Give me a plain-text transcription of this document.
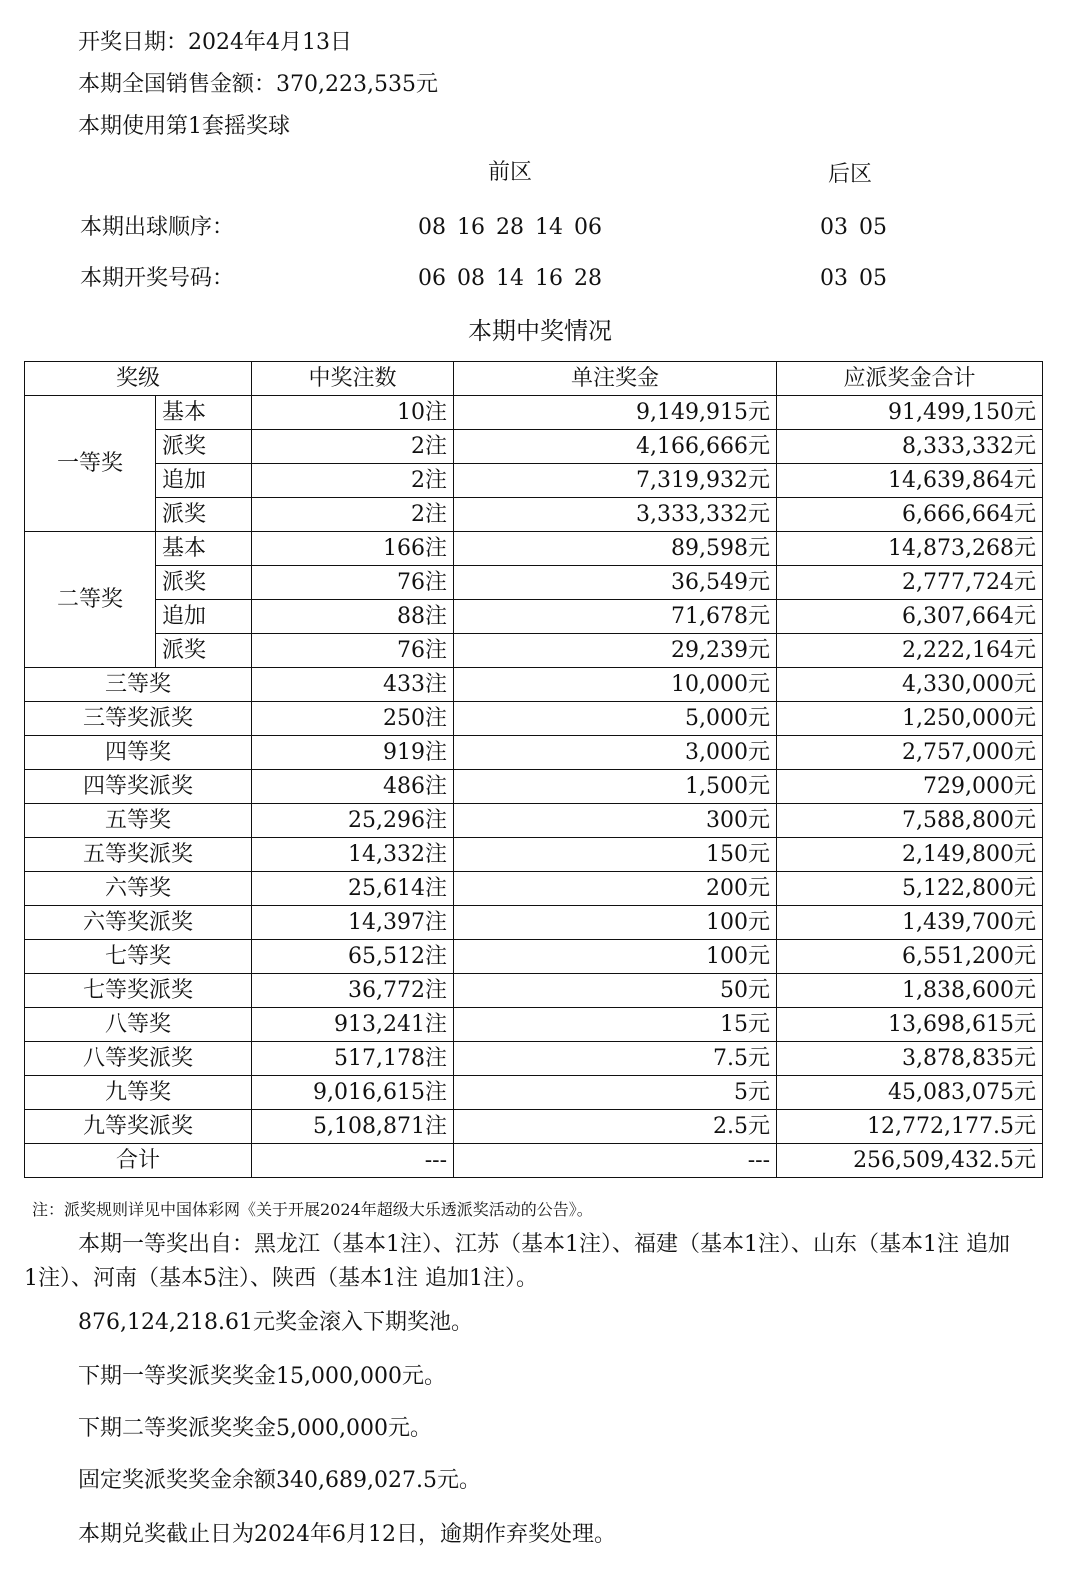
开奖日期：2024年4月13日
本期全国销售金额：370,223,535元
本期使用第1套摇奖球
前区	后区
本期出球顺序：	08 16 28 14 06	03 05
本期开奖号码：	06 08 14 16 28	03 05
本期中奖情况
奖级		中奖注数	单注奖金	应派奖金合计
一等奖	基本	10注	9,149,915元	91,499,150元
	派奖	2注	4,166,666元	8,333,332元
	追加	2注	7,319,932元	14,639,864元
	派奖	2注	3,333,332元	6,666,664元
二等奖	基本	166注	89,598元	14,873,268元
	派奖	76注	36,549元	2,777,724元
	追加	88注	71,678元	6,307,664元
	派奖	76注	29,239元	2,222,164元
三等奖		433注	10,000元	4,330,000元
三等奖派奖		250注	5,000元	1,250,000元
四等奖		919注	3,000元	2,757,000元
四等奖派奖		486注	1,500元	729,000元
五等奖		25,296注	300元	7,588,800元
五等奖派奖		14,332注	150元	2,149,800元
六等奖		25,614注	200元	5,122,800元
六等奖派奖		14,397注	100元	1,439,700元
七等奖		65,512注	100元	6,551,200元
七等奖派奖		36,772注	50元	1,838,600元
八等奖		913,241注	15元	13,698,615元
八等奖派奖		517,178注	7.5元	3,878,835元
九等奖		9,016,615注	5元	45,083,075元
九等奖派奖		5,108,871注	2.5元	12,772,177.5元
合计		---	---	256,509,432.5元
注：派奖规则详见中国体彩网《关于开展2024年超级大乐透派奖活动的公告》。
本期一等奖出自：黑龙江（基本1注）、江苏（基本1注）、福建（基本1注）、山东（基本1注 追加1注）、河南（基本5注）、陕西（基本1注 追加1注）。
876,124,218.61元奖金滚入下期奖池。
下期一等奖派奖奖金15,000,000元。
下期二等奖派奖奖金5,000,000元。
固定奖派奖奖金余额340,689,027.5元。
本期兑奖截止日为2024年6月12日，逾期作弃奖处理。
